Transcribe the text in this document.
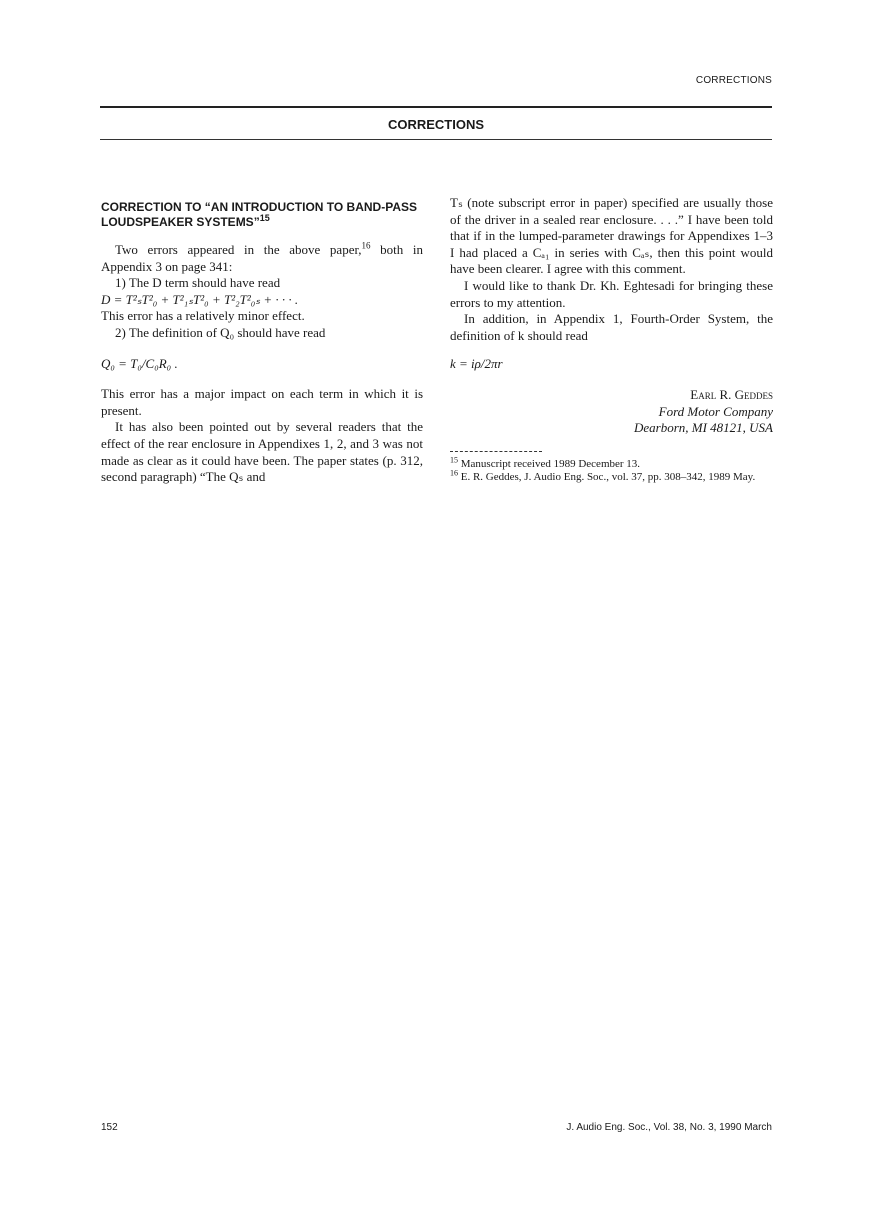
CORRECTIONS
CORRECTIONS
CORRECTION TO “AN INTRODUCTION TO BAND-PASS LOUDSPEAKER SYSTEMS”$^{15}$

Two errors appeared in the above paper,$^{16}$ both in Appendix 3 on page 341:

1) The D term should have read

D = T²ₛT²₀ + T²₁ₛT²₀ + T²₂T²₀ₛ + · · · .

This error has a relatively minor effect.

2) The definition of Q₀ should have read

Q₀ = T₀/C₀R₀ .

This error has a major impact on each term in which it is present.

It has also been pointed out by several readers that the effect of the rear enclosure in Appendixes 1, 2, and 3 was not made as clear as it could have been. The paper states (p. 312, second paragraph) “The Qₛ and

Tₛ (note subscript error in paper) specified are usually those of the driver in a sealed rear enclosure. . . .” I have been told that if in the lumped-parameter drawings for Appendixes 1–3 I had placed a Cₐ₁ in series with Cₐₛ, then this point would have been clearer. I agree with this comment.

I would like to thank Dr. Kh. Eghtesadi for bringing these errors to my attention.

In addition, in Appendix 1, Fourth-Order System, the definition of k should read

k = iρ/2πr

Earl R. Geddes
Ford Motor Company
Dearborn, MI 48121, USA
$^{15}$ Manuscript received 1989 December 13.
$^{16}$ E. R. Geddes, J. Audio Eng. Soc., vol. 37, pp. 308–342, 1989 May.
152	J. Audio Eng. Soc., Vol. 38, No. 3, 1990 March
